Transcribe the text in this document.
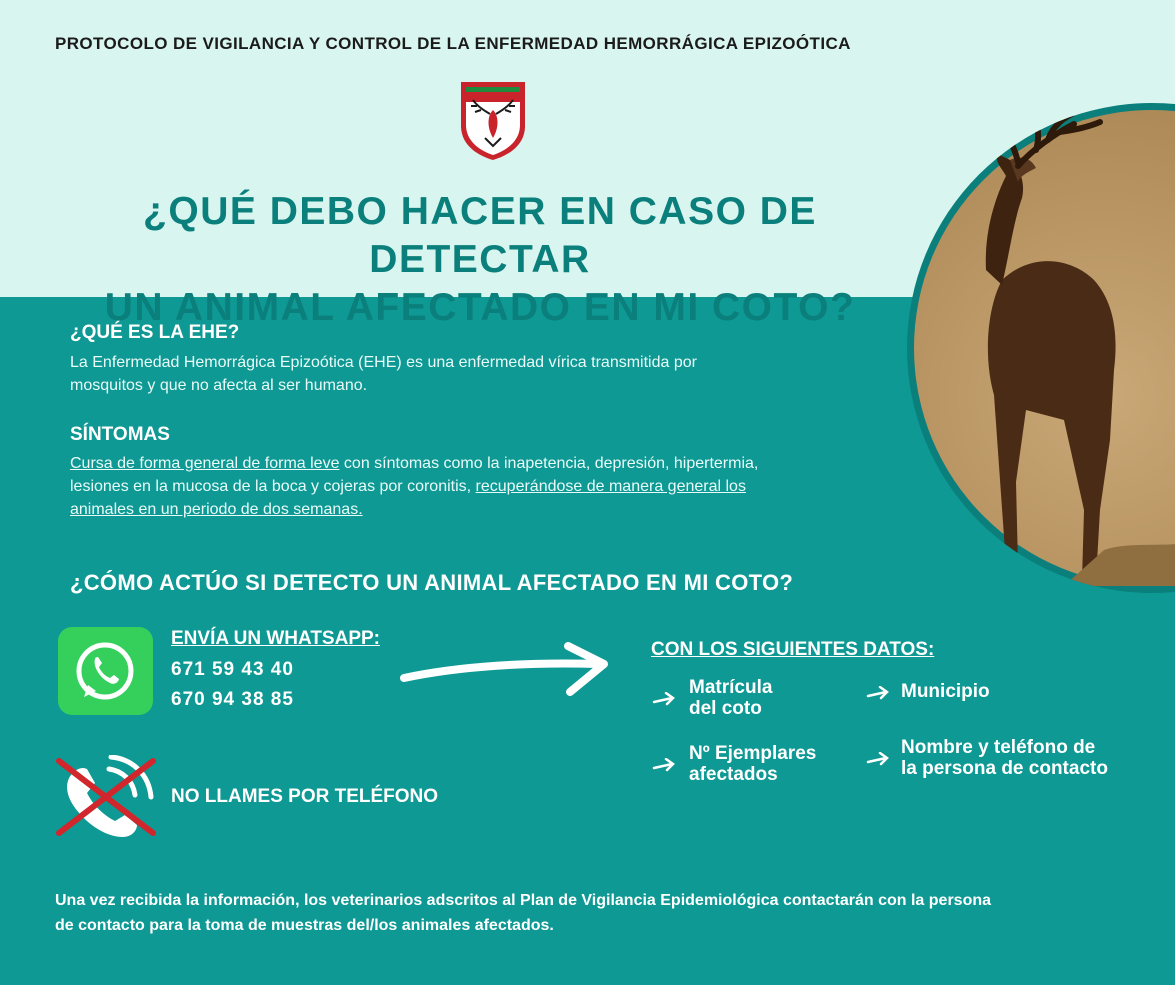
PROTOCOLO DE VIGILANCIA Y CONTROL DE LA ENFERMEDAD HEMORRÁGICA EPIZOÓTICA

¿QUÉ DEBO HACER EN CASO DE DETECTAR
UN ANIMAL AFECTADO EN MI COTO?
¿QUÉ ES LA EHE?

La Enfermedad Hemorrágica Epizoótica (EHE) es una enfermedad vírica transmitida por
mosquitos y que no afecta al ser humano.

SÍNTOMAS

Cursa de forma general de forma leve con síntomas como la inapetencia, depresión, hipertermia,
lesiones en la mucosa de la boca y cojeras por coronitis, recuperándose de manera general los
animales en un periodo de dos semanas.

¿CÓMO ACTÚO SI DETECTO UN ANIMAL AFECTADO EN MI COTO?

ENVÍA UN WHATSAPP:

671 59 43 40

670 94 38 85

NO LLAMES POR TELÉFONO

CON LOS SIGUIENTES DATOS:

Matrícula
del coto

Municipio

Nº Ejemplares
afectados

Nombre y teléfono de
la persona de contacto

Una vez recibida la información, los veterinarios adscritos al Plan de Vigilancia Epidemiológica contactarán con la persona
de contacto para la toma de muestras del/los animales afectados.
